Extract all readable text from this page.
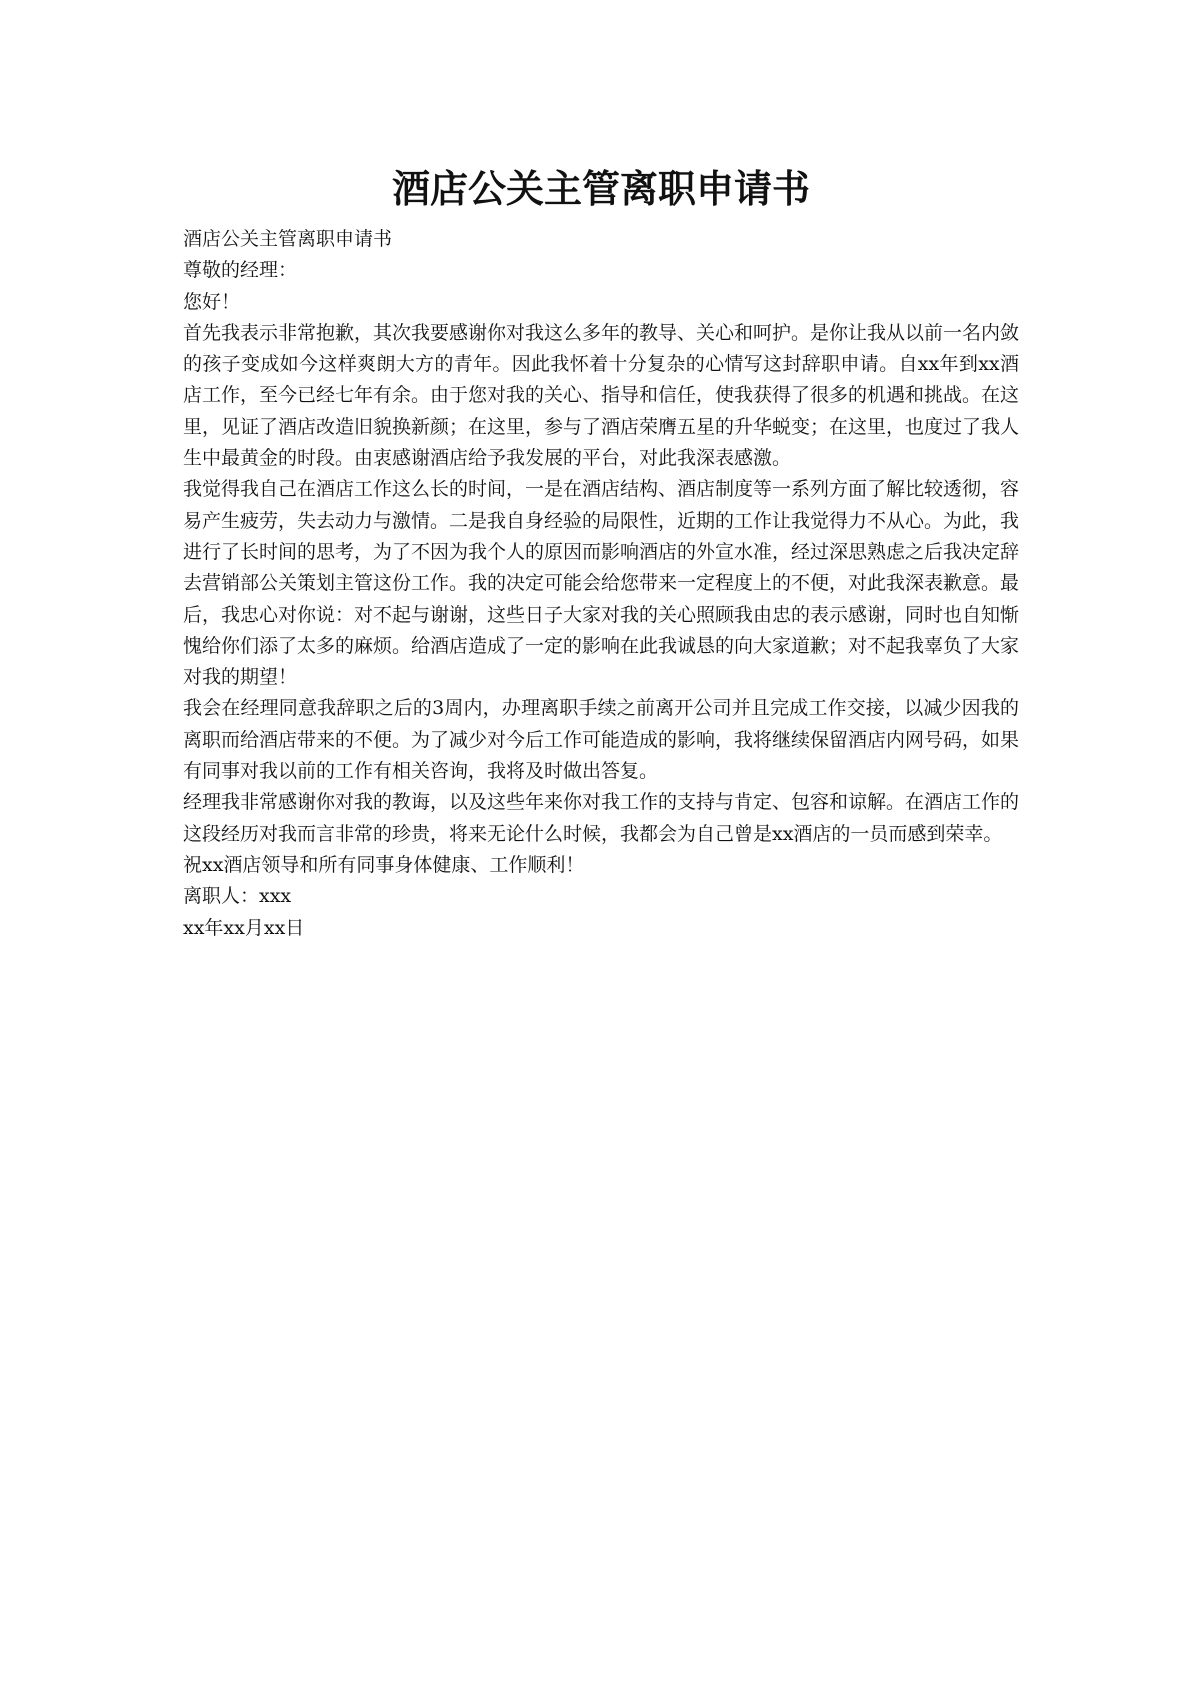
酒店公关主管离职申请书

酒店公关主管离职申请书

尊敬的经理：

您好！

首先我表示非常抱歉，其次我要感谢你对我这么多年的教导、关心和呵护。是你让我从以前一名内敛的孩子变成如今这样爽朗大方的青年。因此我怀着十分复杂的心情写这封辞职申请。自xx年到xx酒店工作，至今已经七年有余。由于您对我的关心、指导和信任，使我获得了很多的机遇和挑战。在这里，见证了酒店改造旧貌换新颜；在这里，参与了酒店荣膺五星的升华蜕变；在这里，也度过了我人生中最黄金的时段。由衷感谢酒店给予我发展的平台，对此我深表感激。

我觉得我自己在酒店工作这么长的时间，一是在酒店结构、酒店制度等一系列方面了解比较透彻，容易产生疲劳，失去动力与激情。二是我自身经验的局限性，近期的工作让我觉得力不从心。为此，我进行了长时间的思考，为了不因为我个人的原因而影响酒店的外宣水准，经过深思熟虑之后我决定辞去营销部公关策划主管这份工作。我的决定可能会给您带来一定程度上的不便，对此我深表歉意。最后，我忠心对你说：对不起与谢谢，这些日子大家对我的关心照顾我由忠的表示感谢，同时也自知惭愧给你们添了太多的麻烦。给酒店造成了一定的影响在此我诚恳的向大家道歉；对不起我辜负了大家对我的期望！

我会在经理同意我辞职之后的3周内，办理离职手续之前离开公司并且完成工作交接，以减少因我的离职而给酒店带来的不便。为了减少对今后工作可能造成的影响，我将继续保留酒店内网号码，如果有同事对我以前的工作有相关咨询，我将及时做出答复。

经理我非常感谢你对我的教诲，以及这些年来你对我工作的支持与肯定、包容和谅解。在酒店工作的这段经历对我而言非常的珍贵，将来无论什么时候，我都会为自己曾是xx酒店的一员而感到荣幸。

祝xx酒店领导和所有同事身体健康、工作顺利！

离职人：xxx

xx年xx月xx日
